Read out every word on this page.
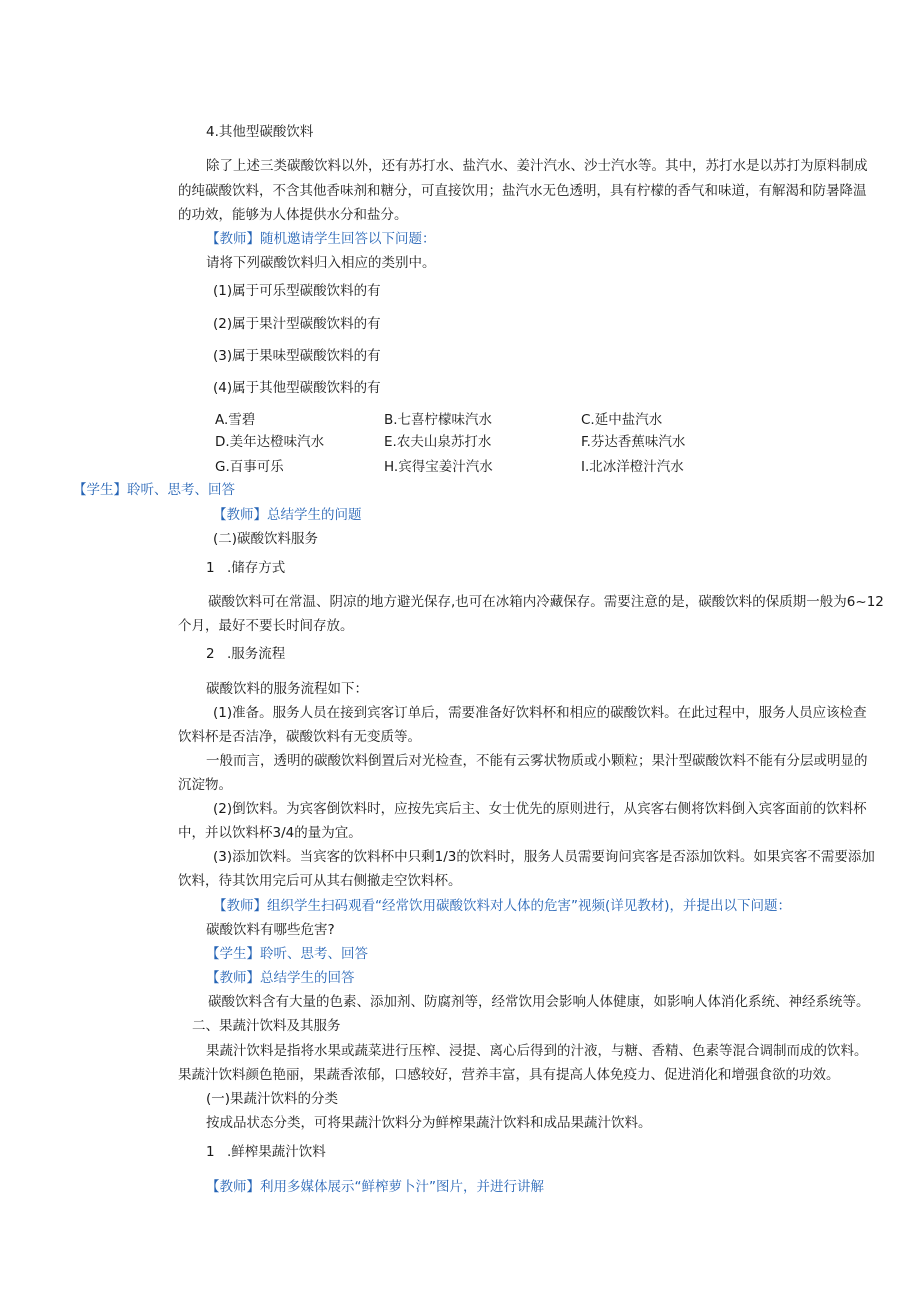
4.其他型碳酸饮料
除了上述三类碳酸饮料以外，还有苏打水、盐汽水、姜汁汽水、沙士汽水等。其中，苏打水是以苏打为原料制成
的纯碳酸饮料，不含其他香味剂和糖分，可直接饮用；盐汽水无色透明，具有柠檬的香气和味道，有解渴和防暑降温
的功效，能够为人体提供水分和盐分。
【教师】随机邀请学生回答以下问题：
请将下列碳酸饮料归入相应的类别中。
(1)属于可乐型碳酸饮料的有
(2)属于果汁型碳酸饮料的有
(3)属于果味型碳酸饮料的有
(4)属于其他型碳酸饮料的有
A.雪碧	B.七喜柠檬味汽水	C.延中盐汽水
D.美年达橙味汽水	E.农夫山泉苏打水	F.芬达香蕉味汽水
G.百事可乐	H.宾得宝姜汁汽水	I.北冰洋橙汁汽水
【学生】聆听、思考、回答
【教师】总结学生的问题
(二)碳酸饮料服务
1 .储存方式
碳酸饮料可在常温、阴凉的地方避光保存,也可在冰箱内冷藏保存。需要注意的是，碳酸饮料的保质期一般为6~12
个月，最好不要长时间存放。
2 .服务流程
碳酸饮料的服务流程如下：
(1)准备。服务人员在接到宾客订单后，需要准备好饮料杯和相应的碳酸饮料。在此过程中，服务人员应该检查
饮料杯是否洁净，碳酸饮料有无变质等。
一般而言，透明的碳酸饮料倒置后对光检查，不能有云雾状物质或小颗粒；果汁型碳酸饮料不能有分层或明显的
沉淀物。
(2)倒饮料。为宾客倒饮料时，应按先宾后主、女士优先的原则进行，从宾客右侧将饮料倒入宾客面前的饮料杯
中，并以饮料杯3/4的量为宜。
(3)添加饮料。当宾客的饮料杯中只剩1/3的饮料时，服务人员需要询问宾客是否添加饮料。如果宾客不需要添加
饮料，待其饮用完后可从其右侧撤走空饮料杯。
【教师】组织学生扫码观看“经常饮用碳酸饮料对人体的危害”视频(详见教材)，并提出以下问题：
碳酸饮料有哪些危害?
【学生】聆听、思考、回答
【教师】总结学生的回答
碳酸饮料含有大量的色素、添加剂、防腐剂等，经常饮用会影响人体健康，如影响人体消化系统、神经系统等。
二、果蔬汁饮料及其服务
果蔬汁饮料是指将水果或蔬菜进行压榨、浸提、离心后得到的汁液，与糖、香精、色素等混合调制而成的饮料。
果蔬汁饮料颜色艳丽，果蔬香浓郁，口感较好，营养丰富，具有提高人体免疫力、促进消化和增强食欲的功效。
(一)果蔬汁饮料的分类
按成品状态分类，可将果蔬汁饮料分为鲜榨果蔬汁饮料和成品果蔬汁饮料。
1 .鲜榨果蔬汁饮料
【教师】利用多媒体展示“鲜榨萝卜汁”图片，并进行讲解
